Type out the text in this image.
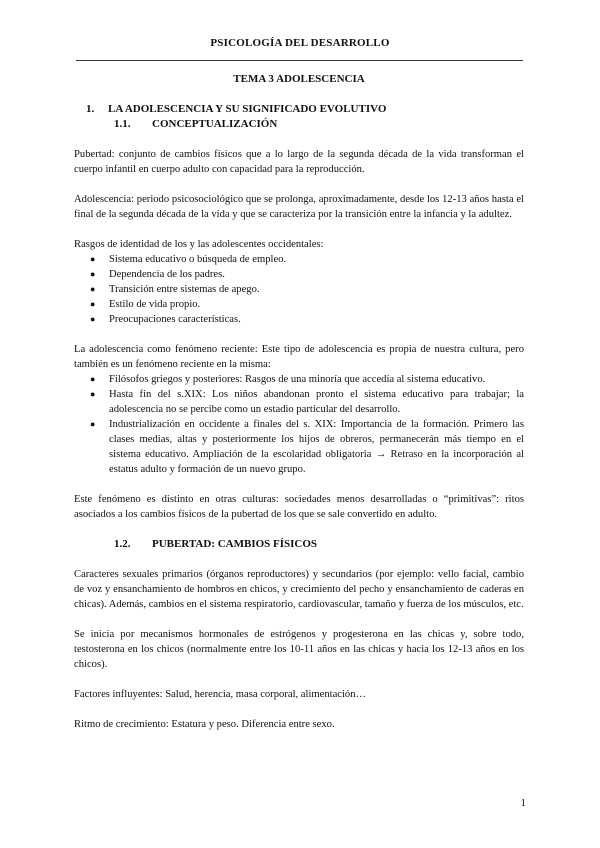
PSICOLOGÍA DEL DESARROLLO
TEMA 3 ADOLESCENCIA
1.	LA ADOLESCENCIA Y SU SIGNIFICADO EVOLUTIVO
1.1.	CONCEPTUALIZACIÓN

Pubertad: conjunto de cambios físicos que a lo largo de la segunda década de la vida transforman el cuerpo infantil en cuerpo adulto con capacidad para la reproducción.

Adolescencia: periodo psicosociológico que se prolonga, aproximadamente, desde los 12-13 años hasta el final de la segunda década de la vida y que se caracteriza por la transición entre la infancia y la adultez.

Rasgos de identidad de los y las adolescentes occidentales:

● Sistema educativo o búsqueda de empleo.
● Dependencia de los padres.
● Transición entre sistemas de apego.
● Estilo de vida propio.
● Preocupaciones características.

La adolescencia como fenómeno reciente: Este tipo de adolescencia es propia de nuestra cultura, pero también es un fenómeno reciente en la misma:

● Filósofos griegos y posteriores: Rasgos de una minoría que accedía al sistema educativo.
● Hasta fin del s.XIX: Los niños abandonan pronto el sistema educativo para trabajar; la adolescencia no se percibe como un estadio particular del desarrollo.
● Industrialización en occidente a finales del s. XIX: Importancia de la formación. Primero las clases medias, altas y posteriormente los hijos de obreros, permanecerán más tiempo en el sistema educativo. Ampliación de la escolaridad obligatoria → Retraso en la incorporación al estatus adulto y formación de un nuevo grupo.

Este fenómeno es distinto en otras culturas: sociedades menos desarrolladas o “primitivas”: ritos asociados a los cambios físicos de la pubertad de los que se sale convertido en adulto.

1.2.	PUBERTAD: CAMBIOS FÍSICOS

Caracteres sexuales primarios (órganos reproductores) y secundarios (por ejemplo: vello facial, cambio de voz y ensanchamiento de hombros en chicos, y crecimiento del pecho y ensanchamiento de caderas en chicas). Además, cambios en el sistema respiratorio, cardiovascular, tamaño y fuerza de los músculos, etc.

Se inicia por mecanismos hormonales de estrógenos y progesterona en las chicas y, sobre todo, testosterona en los chicos (normalmente entre los 10-11 años en las chicas y hacia los 12-13 años en los chicos).

Factores influyentes: Salud, herencia, masa corporal, alimentación…

Ritmo de crecimiento: Estatura y peso. Diferencia entre sexo.

1
